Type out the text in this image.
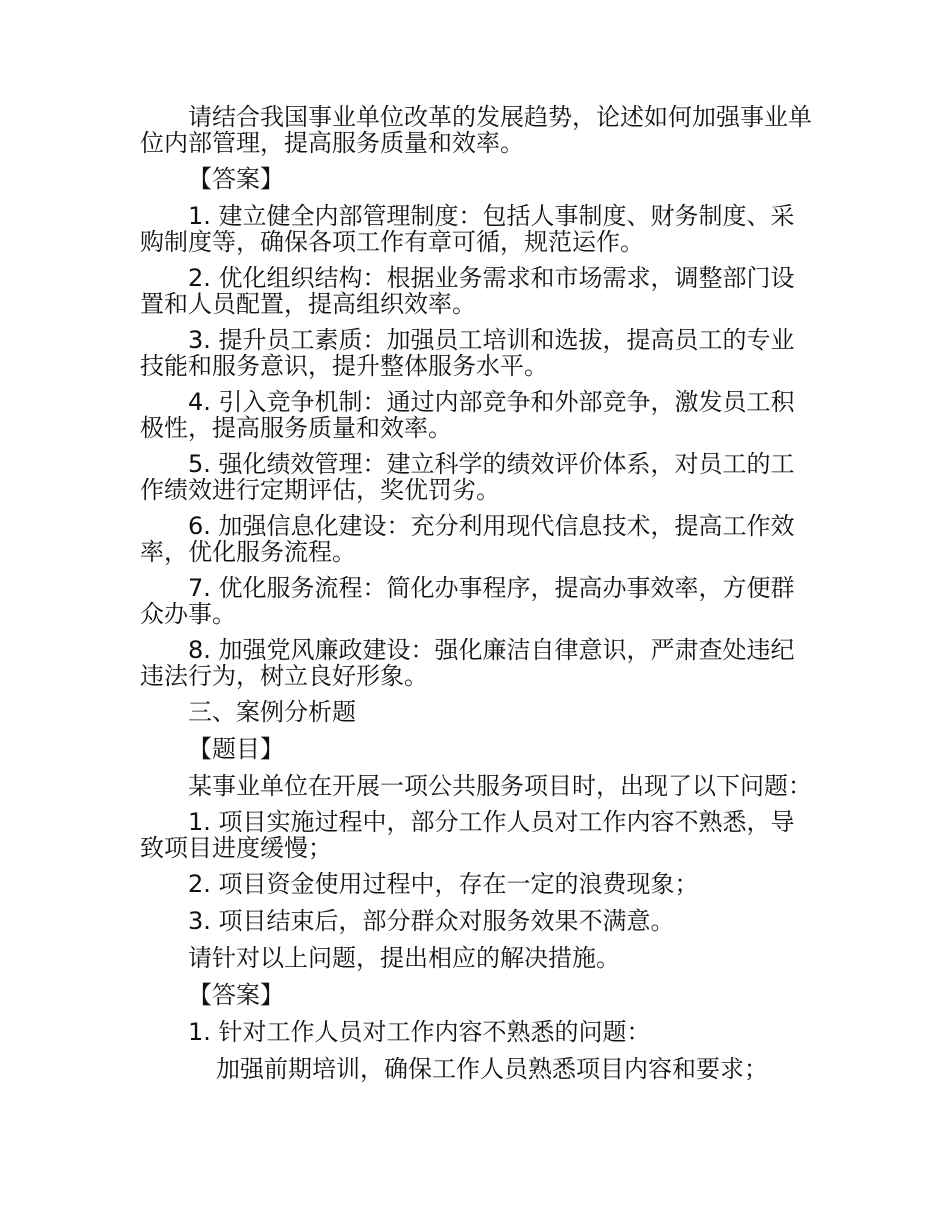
请结合我国事业单位改革的发展趋势，论述如何加强事业单位内部管理，提高服务质量和效率。

【答案】

1. 建立健全内部管理制度：包括人事制度、财务制度、采购制度等，确保各项工作有章可循，规范运作。

2. 优化组织结构：根据业务需求和市场需求，调整部门设置和人员配置，提高组织效率。

3. 提升员工素质：加强员工培训和选拔，提高员工的专业技能和服务意识，提升整体服务水平。

4. 引入竞争机制：通过内部竞争和外部竞争，激发员工积极性，提高服务质量和效率。

5. 强化绩效管理：建立科学的绩效评价体系，对员工的工作绩效进行定期评估，奖优罚劣。

6. 加强信息化建设：充分利用现代信息技术，提高工作效率，优化服务流程。

7. 优化服务流程：简化办事程序，提高办事效率，方便群众办事。

8. 加强党风廉政建设：强化廉洁自律意识，严肃查处违纪违法行为，树立良好形象。

三、案例分析题

【题目】

某事业单位在开展一项公共服务项目时，出现了以下问题：

1. 项目实施过程中，部分工作人员对工作内容不熟悉，导致项目进度缓慢；

2. 项目资金使用过程中，存在一定的浪费现象；

3. 项目结束后，部分群众对服务效果不满意。

请针对以上问题，提出相应的解决措施。

【答案】

1. 针对工作人员对工作内容不熟悉的问题：

加强前期培训，确保工作人员熟悉项目内容和要求；
